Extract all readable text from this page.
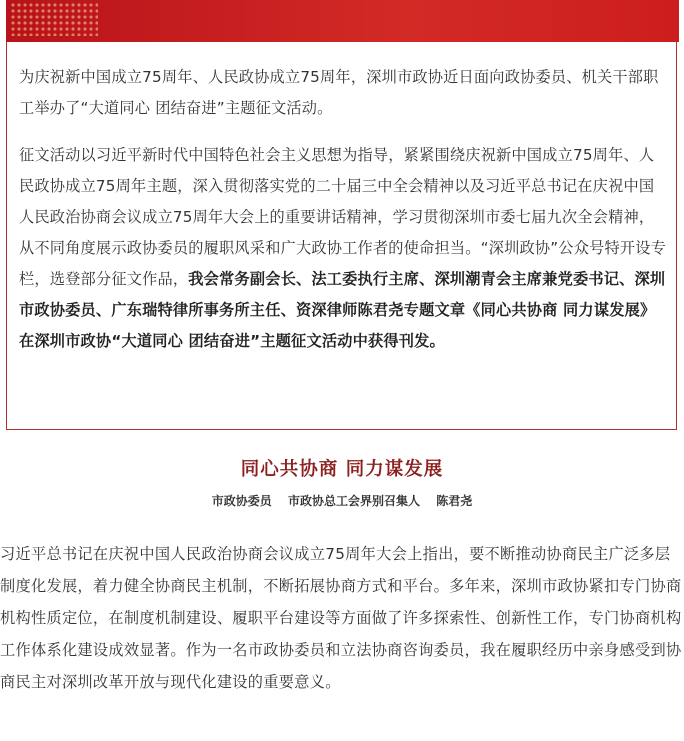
为庆祝新中国成立75周年、人民政协成立75周年，深圳市政协近日面向政协委员、机关干部职工举办了“大道同心 团结奋进”主题征文活动。

征文活动以习近平新时代中国特色社会主义思想为指导，紧紧围绕庆祝新中国成立75周年、人民政协成立75周年主题，深入贯彻落实党的二十届三中全会精神以及习近平总书记在庆祝中国人民政治协商会议成立75周年大会上的重要讲话精神，学习贯彻深圳市委七届九次全会精神，从不同角度展示政协委员的履职风采和广大政协工作者的使命担当。“深圳政协”公众号特开设专栏，选登部分征文作品，我会常务副会长、法工委执行主席、深圳潮青会主席兼党委书记、深圳市政协委员、广东瑞特律所事务所主任、资深律师陈君尧专题文章《同心共协商 同力谋发展》在深圳市政协“大道同心 团结奋进”主题征文活动中获得刊发。

同心共协商 同力谋发展
市政协委员 市政协总工会界别召集人 陈君尧

习近平总书记在庆祝中国人民政治协商会议成立75周年大会上指出，要不断推动协商民主广泛多层制度化发展，着力健全协商民主机制，不断拓展协商方式和平台。多年来，深圳市政协紧扣专门协商机构性质定位，在制度机制建设、履职平台建设等方面做了许多探索性、创新性工作，专门协商机构工作体系化建设成效显著。作为一名市政协委员和立法协商咨询委员，我在履职经历中亲身感受到协商民主对深圳改革开放与现代化建设的重要意义。
